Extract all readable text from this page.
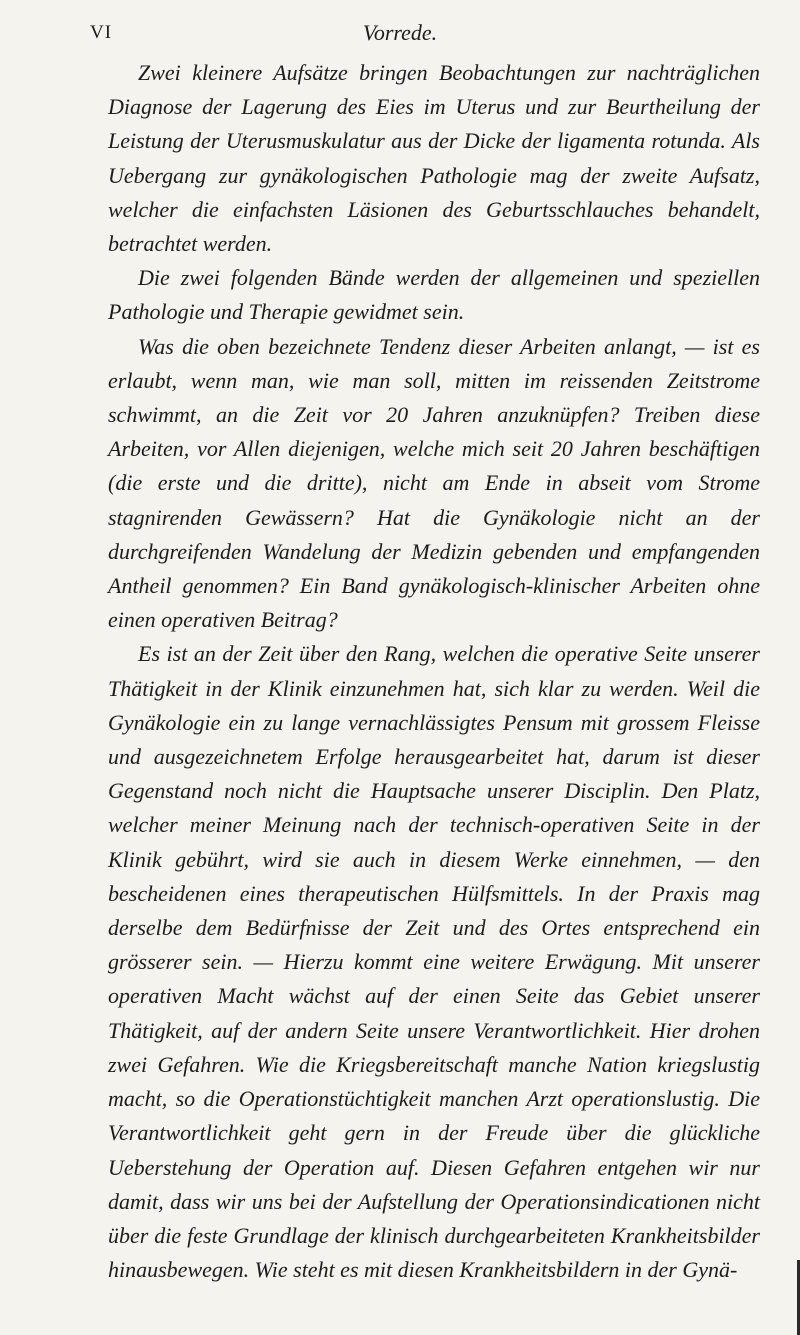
VI	Vorrede.

Zwei kleinere Aufsätze bringen Beobachtungen zur nachträglichen Diagnose der Lagerung des Eies im Uterus und zur Beurtheilung der Leistung der Uterusmuskulatur aus der Dicke der ligamenta rotunda. Als Uebergang zur gynäkologischen Pathologie mag der zweite Aufsatz, welcher die einfachsten Läsionen des Geburtsschlauches behandelt, betrachtet werden.

Die zwei folgenden Bände werden der allgemeinen und speziellen Pathologie und Therapie gewidmet sein.

Was die oben bezeichnete Tendenz dieser Arbeiten anlangt, — ist es erlaubt, wenn man, wie man soll, mitten im reissenden Zeitstrome schwimmt, an die Zeit vor 20 Jahren anzuknüpfen? Treiben diese Arbeiten, vor Allen diejenigen, welche mich seit 20 Jahren beschäftigen (die erste und die dritte), nicht am Ende in abseit vom Strome stagnirenden Gewässern? Hat die Gynäkologie nicht an der durchgreifenden Wandelung der Medizin gebenden und empfangenden Antheil genommen? Ein Band gynäkologisch-klinischer Arbeiten ohne einen operativen Beitrag?

Es ist an der Zeit über den Rang, welchen die operative Seite unserer Thätigkeit in der Klinik einzunehmen hat, sich klar zu werden. Weil die Gynäkologie ein zu lange vernachlässigtes Pensum mit grossem Fleisse und ausgezeichnetem Erfolge herausgearbeitet hat, darum ist dieser Gegenstand noch nicht die Hauptsache unserer Disciplin. Den Platz, welcher meiner Meinung nach der technisch-operativen Seite in der Klinik gebührt, wird sie auch in diesem Werke einnehmen, — den bescheidenen eines therapeutischen Hülfsmittels. In der Praxis mag derselbe dem Bedürfnisse der Zeit und des Ortes entsprechend ein grösserer sein. — Hierzu kommt eine weitere Erwägung. Mit unserer operativen Macht wächst auf der einen Seite das Gebiet unserer Thätigkeit, auf der andern Seite unsere Verantwortlichkeit. Hier drohen zwei Gefahren. Wie die Kriegsbereitschaft manche Nation kriegslustig macht, so die Operationstüchtigkeit manchen Arzt operationslustig. Die Verantwortlichkeit geht gern in der Freude über die glückliche Ueberstehung der Operation auf. Diesen Gefahren entgehen wir nur damit, dass wir uns bei der Aufstellung der Operationsindicationen nicht über die feste Grundlage der klinisch durchgearbeiteten Krankheitsbilder hinausbewegen. Wie steht es mit diesen Krankheitsbildern in der Gynä-
